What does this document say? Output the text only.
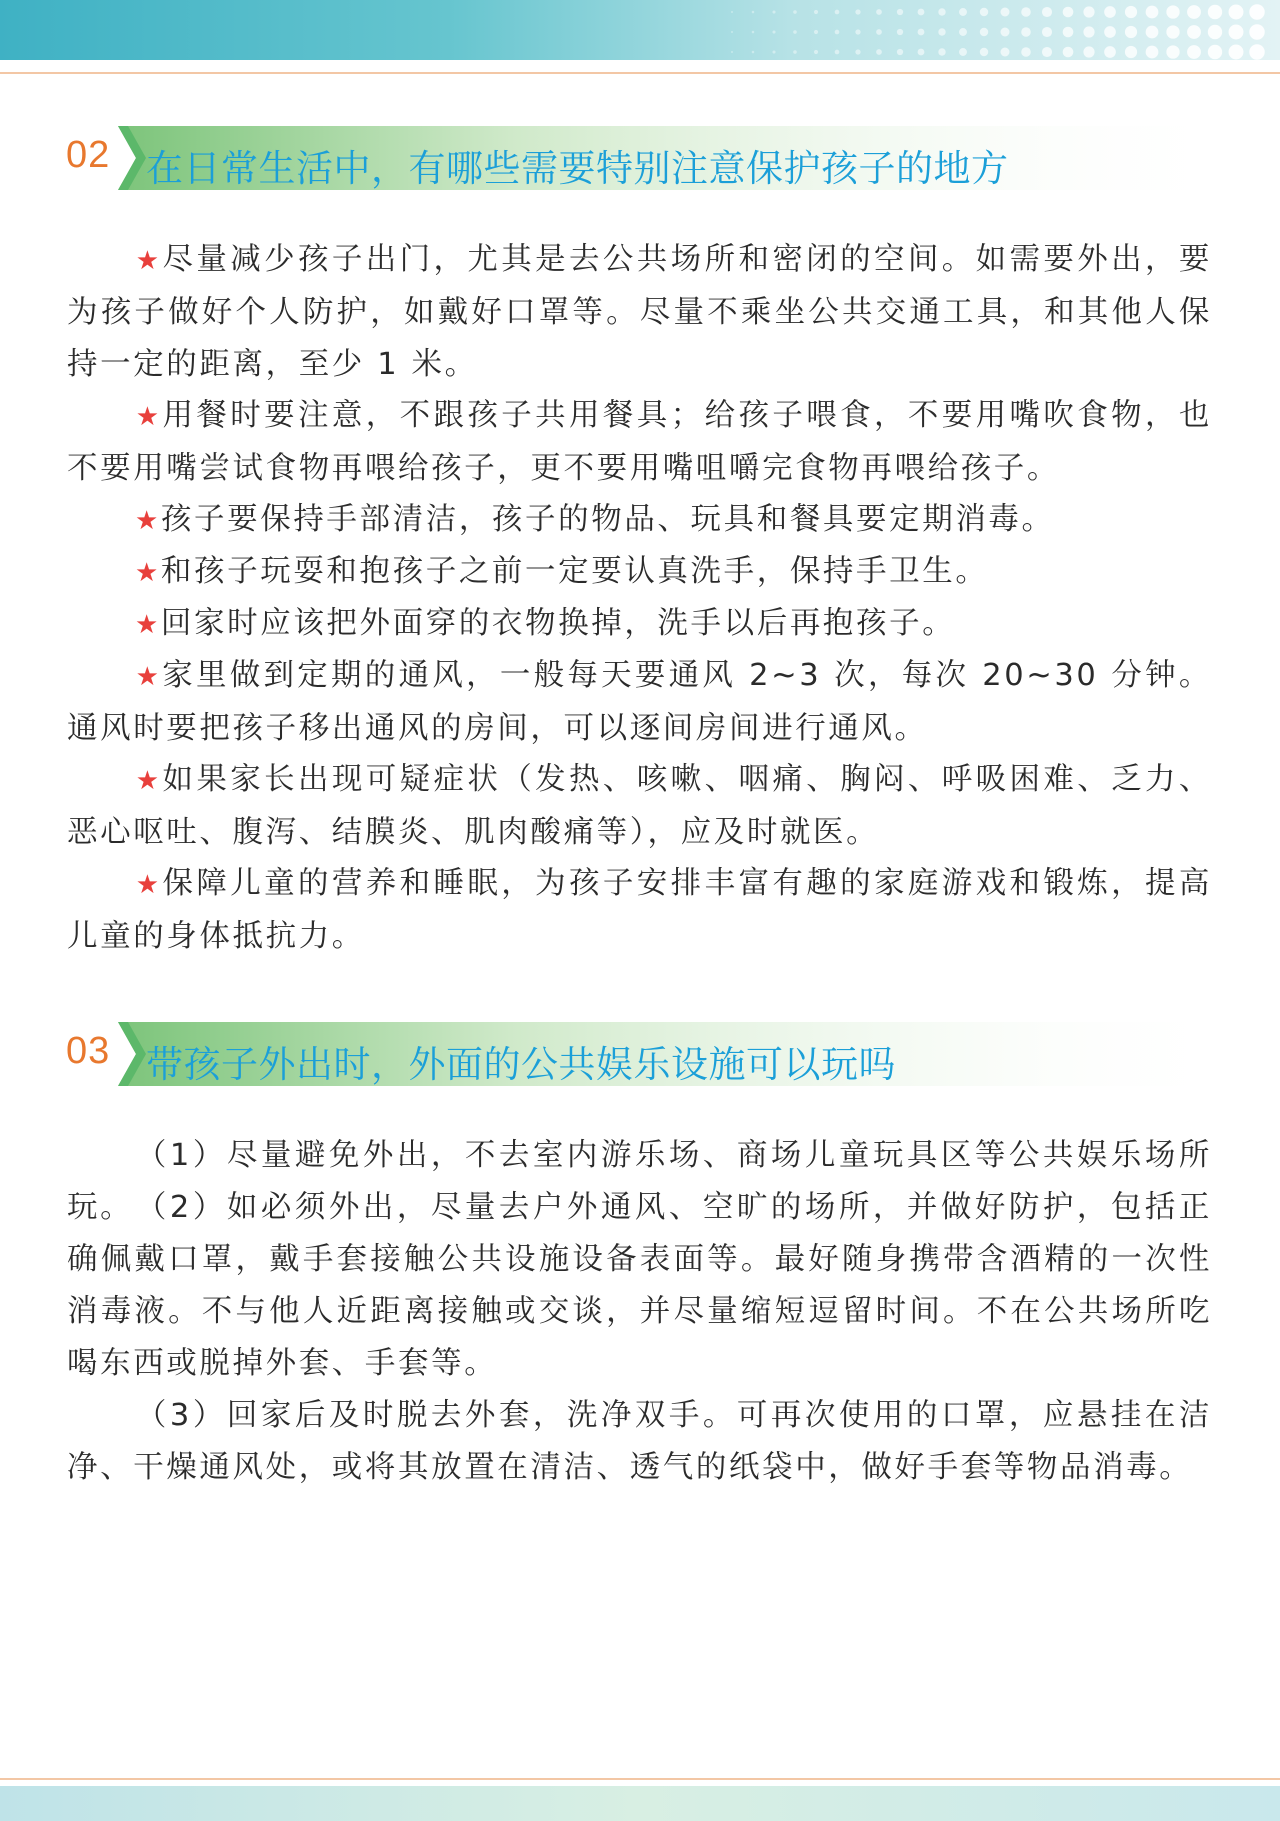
02 在日常生活中，有哪些需要特别注意保护孩子的地方

★尽量减少孩子出门，尤其是去公共场所和密闭的空间。如需要外出，要为孩子做好个人防护，如戴好口罩等。尽量不乘坐公共交通工具，和其他人保持一定的距离，至少 1 米。

★用餐时要注意，不跟孩子共用餐具；给孩子喂食，不要用嘴吹食物，也不要用嘴尝试食物再喂给孩子，更不要用嘴咀嚼完食物再喂给孩子。

★孩子要保持手部清洁，孩子的物品、玩具和餐具要定期消毒。

★和孩子玩耍和抱孩子之前一定要认真洗手，保持手卫生。

★回家时应该把外面穿的衣物换掉，洗手以后再抱孩子。

★家里做到定期的通风，一般每天要通风 2~3 次，每次 20~30 分钟。通风时要把孩子移出通风的房间，可以逐间房间进行通风。

★如果家长出现可疑症状（发热、咳嗽、咽痛、胸闷、呼吸困难、乏力、恶心呕吐、腹泻、结膜炎、肌肉酸痛等），应及时就医。

★保障儿童的营养和睡眠，为孩子安排丰富有趣的家庭游戏和锻炼，提高儿童的身体抵抗力。

03 带孩子外出时，外面的公共娱乐设施可以玩吗

（1）尽量避免外出，不去室内游乐场、商场儿童玩具区等公共娱乐场所玩。 （2）如必须外出，尽量去户外通风、空旷的场所，并做好防护，包括正确佩戴口罩，戴手套接触公共设施设备表面等。最好随身携带含酒精的一次性消毒液。不与他人近距离接触或交谈，并尽量缩短逗留时间。不在公共场所吃喝东西或脱掉外套、手套等。

（3）回家后及时脱去外套，洗净双手。可再次使用的口罩，应悬挂在洁净、干燥通风处，或将其放置在清洁、透气的纸袋中，做好手套等物品消毒。
